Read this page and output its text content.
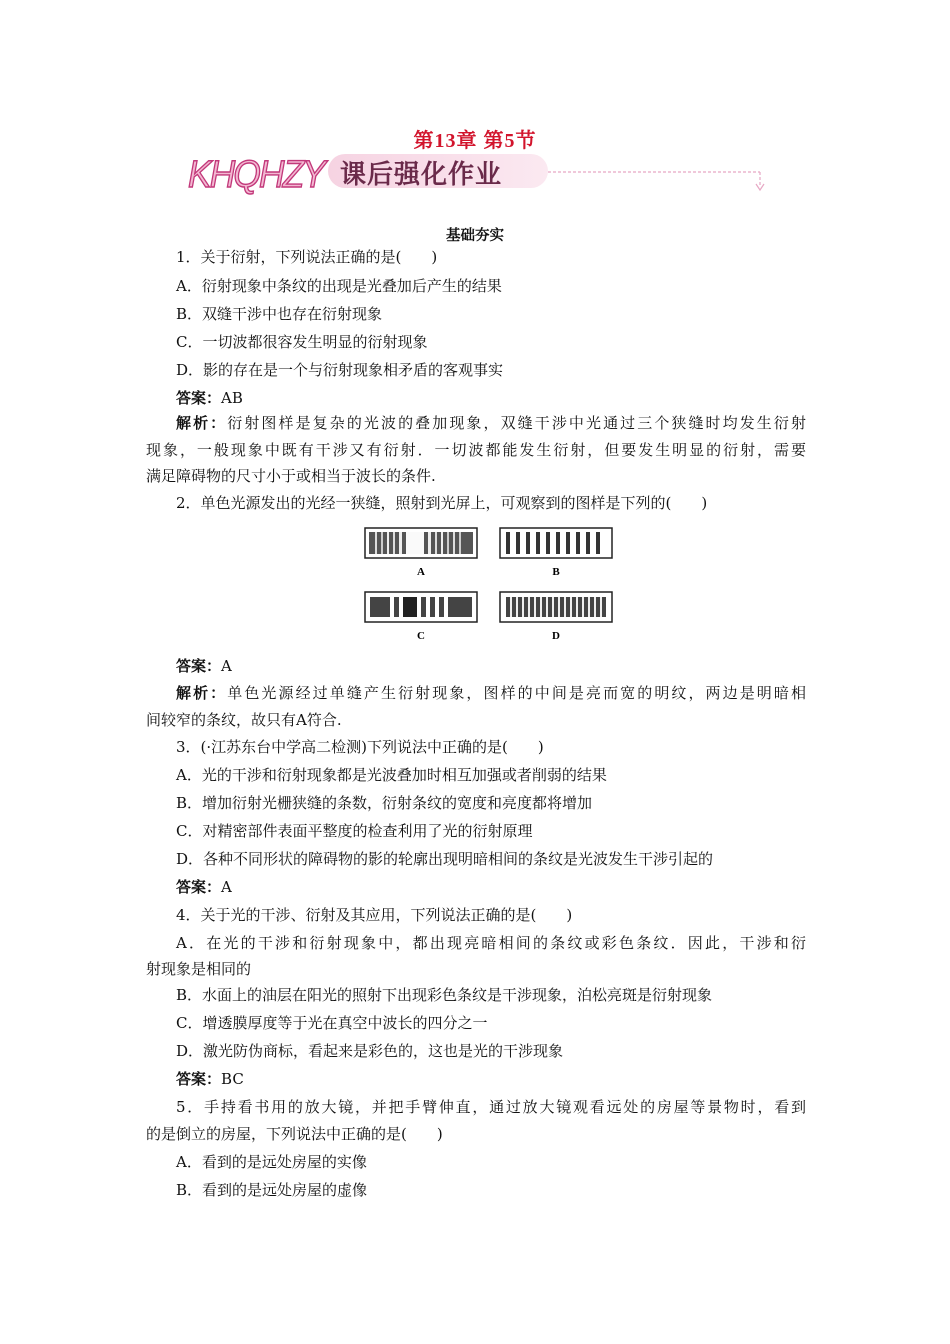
第13章 第5节
KHQHZY 课后强化作业
基础夯实
1．关于衍射，下列说法正确的是(　　)
A．衍射现象中条纹的出现是光叠加后产生的结果
B．双缝干涉中也存在衍射现象
C．一切波都很容发生明显的衍射现象
D．影的存在是一个与衍射现象相矛盾的客观事实
答案：AB
解析：衍射图样是复杂的光波的叠加现象，双缝干涉中光通过三个狭缝时均发生衍射
现象，一般现象中既有干涉又有衍射．一切波都能发生衍射，但要发生明显的衍射，需要
满足障碍物的尺寸小于或相当于波长的条件.
2．单色光源发出的光经一狭缝，照射到光屏上，可观察到的图样是下列的(　　)
A	B
C	D
答案：A
解析：单色光源经过单缝产生衍射现象，图样的中间是亮而宽的明纹，两边是明暗相
间较窄的条纹，故只有A符合.
3．(·江苏东台中学高二检测)下列说法中正确的是(　　)
A．光的干涉和衍射现象都是光波叠加时相互加强或者削弱的结果
B．增加衍射光栅狭缝的条数，衍射条纹的宽度和亮度都将增加
C．对精密部件表面平整度的检查利用了光的衍射原理
D．各种不同形状的障碍物的影的轮廓出现明暗相间的条纹是光波发生干涉引起的
答案：A
4．关于光的干涉、衍射及其应用，下列说法正确的是(　　)
A．在光的干涉和衍射现象中，都出现亮暗相间的条纹或彩色条纹．因此，干涉和衍
射现象是相同的
B．水面上的油层在阳光的照射下出现彩色条纹是干涉现象，泊松亮斑是衍射现象
C．增透膜厚度等于光在真空中波长的四分之一
D．激光防伪商标，看起来是彩色的，这也是光的干涉现象
答案：BC
5．手持看书用的放大镜，并把手臂伸直，通过放大镜观看远处的房屋等景物时，看到
的是倒立的房屋，下列说法中正确的是(　　)
A．看到的是远处房屋的实像
B．看到的是远处房屋的虚像
